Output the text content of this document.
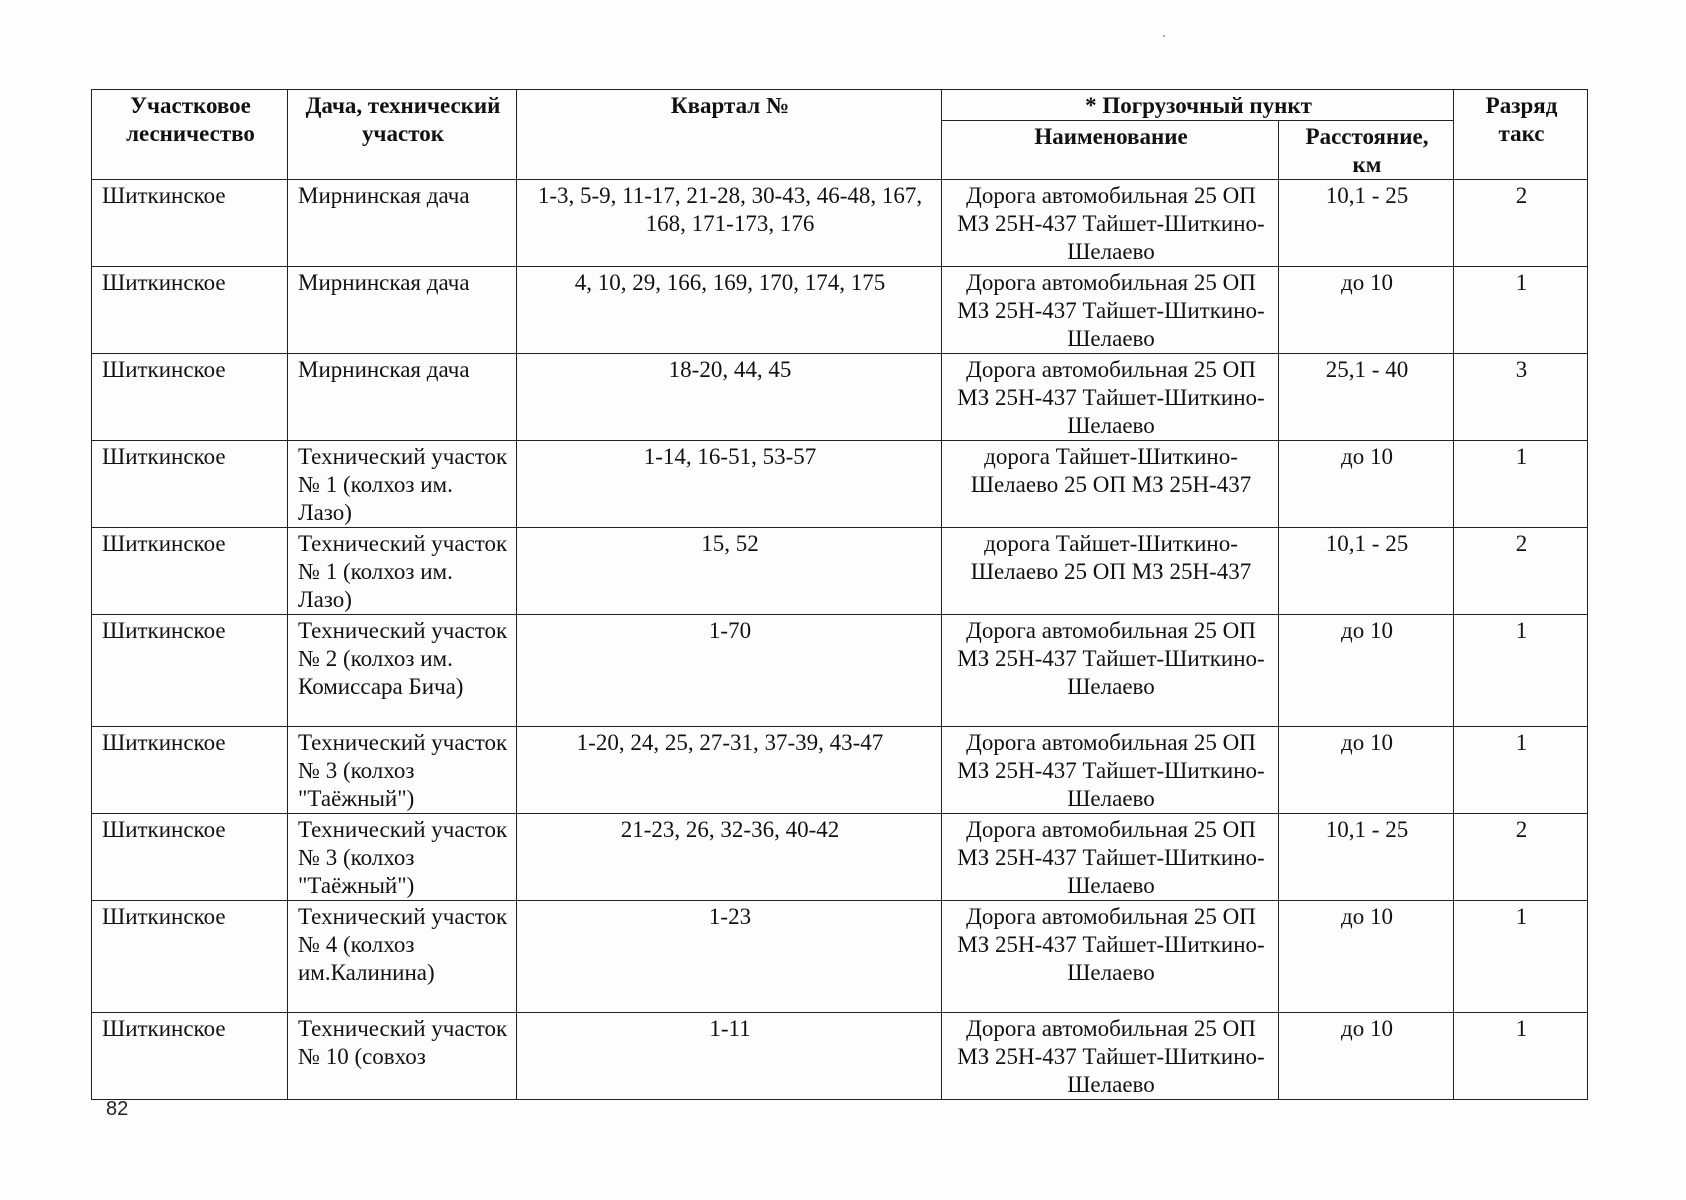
Участковое лесничество	Дача, технический участок	Квартал №	* Погрузочный пункт		Разряд такс
			Наименование	Расстояние, км	
Шиткинское	Мирнинская дача	1-3, 5-9, 11-17, 21-28, 30-43, 46-48, 167, 168, 171-173, 176	Дорога автомобильная 25 ОП МЗ 25Н-437 Тайшет-Шиткино-Шелаево	10,1 - 25	2
Шиткинское	Мирнинская дача	4, 10, 29, 166, 169, 170, 174, 175	Дорога автомобильная 25 ОП МЗ 25Н-437 Тайшет-Шиткино-Шелаево	до 10	1
Шиткинское	Мирнинская дача	18-20, 44, 45	Дорога автомобильная 25 ОП МЗ 25Н-437 Тайшет-Шиткино-Шелаево	25,1 - 40	3
Шиткинское	Технический участок № 1 (колхоз им. Лазо)	1-14, 16-51, 53-57	дорога Тайшет-Шиткино-Шелаево 25 ОП МЗ 25Н-437	до 10	1
Шиткинское	Технический участок № 1 (колхоз им. Лазо)	15, 52	дорога Тайшет-Шиткино-Шелаево 25 ОП МЗ 25Н-437	10,1 - 25	2
Шиткинское	Технический участок № 2 (колхоз им. Комиссара Бича)	1-70	Дорога автомобильная 25 ОП МЗ 25Н-437 Тайшет-Шиткино-Шелаево	до 10	1
Шиткинское	Технический участок № 3 (колхоз "Таёжный")	1-20, 24, 25, 27-31, 37-39, 43-47	Дорога автомобильная 25 ОП МЗ 25Н-437 Тайшет-Шиткино-Шелаево	до 10	1
Шиткинское	Технический участок № 3 (колхоз "Таёжный")	21-23, 26, 32-36, 40-42	Дорога автомобильная 25 ОП МЗ 25Н-437 Тайшет-Шиткино-Шелаево	10,1 - 25	2
Шиткинское	Технический участок № 4 (колхоз им.Калинина)	1-23	Дорога автомобильная 25 ОП МЗ 25Н-437 Тайшет-Шиткино-Шелаево	до 10	1
Шиткинское	Технический участок № 10 (совхоз	1-11	Дорога автомобильная 25 ОП МЗ 25Н-437 Тайшет-Шиткино-Шелаево	до 10	1
82
